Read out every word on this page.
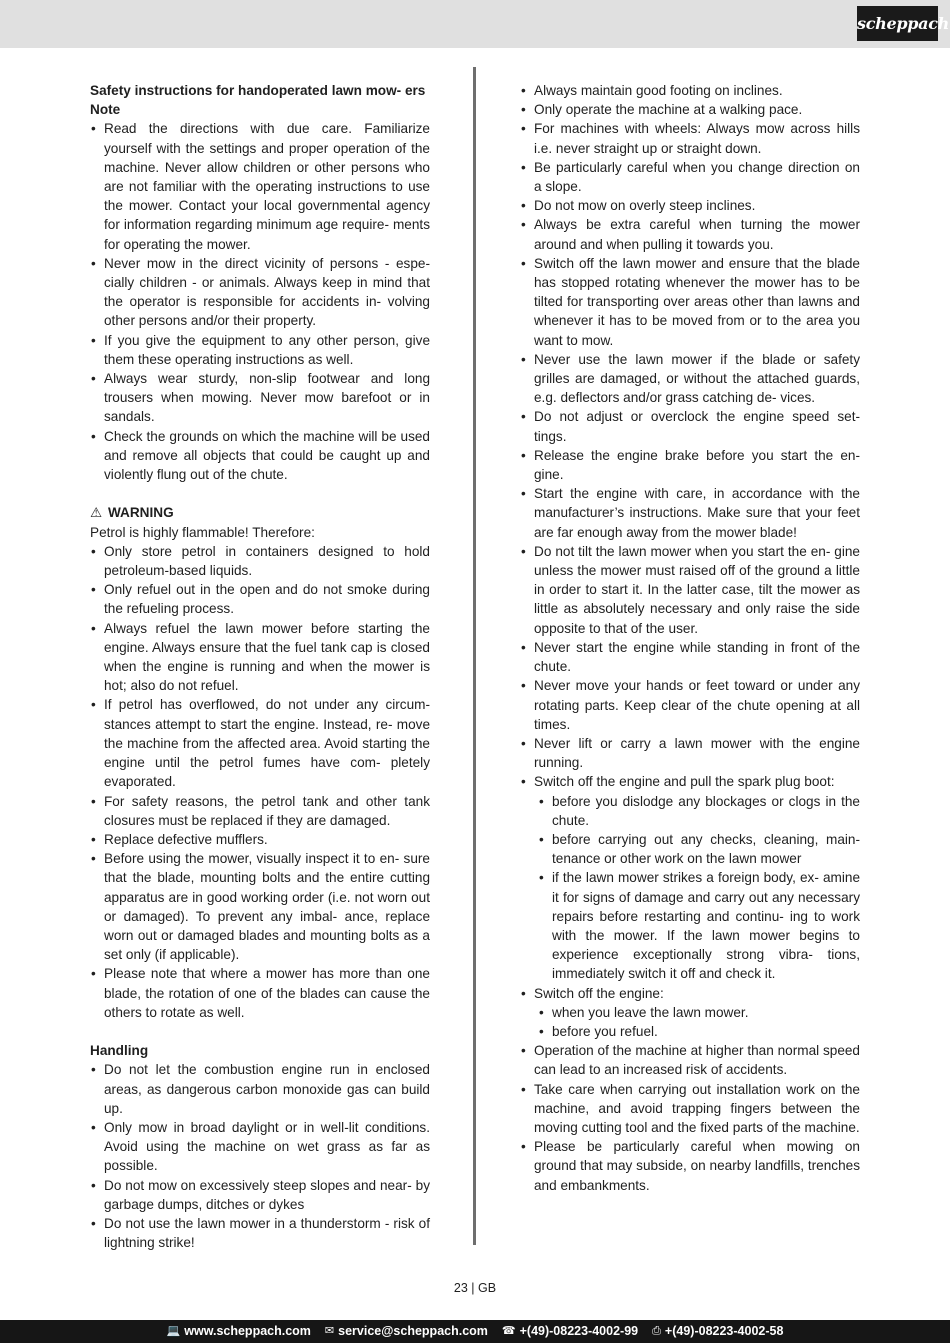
scheppach
Safety instructions for handoperated lawn mow- ers Note
• Read the directions with due care. Familiarize yourself with the settings and proper operation of the machine. Never allow children or other persons who are not familiar with the operating instructions to use the mower. Contact your local governmental agency for information regarding minimum age require- ments for operating the mower.
• Never mow in the direct vicinity of persons - espe- cially children - or animals. Always keep in mind that the operator is responsible for accidents in- volving other persons and/or their property.
• If you give the equipment to any other person, give them these operating instructions as well.
• Always wear sturdy, non-slip footwear and long trousers when mowing. Never mow barefoot or in sandals.
• Check the grounds on which the machine will be used and remove all objects that could be caught up and violently flung out of the chute.

⚠ WARNING

Petrol is highly flammable! Therefore:

• Only store petrol in containers designed to hold petroleum-based liquids.
• Only refuel out in the open and do not smoke during the refueling process.
• Always refuel the lawn mower before starting the engine. Always ensure that the fuel tank cap is closed when the engine is running and when the mower is hot; also do not refuel.
• If petrol has overflowed, do not under any circum- stances attempt to start the engine. Instead, re- move the machine from the affected area. Avoid starting the engine until the petrol fumes have com- pletely evaporated.
• For safety reasons, the petrol tank and other tank closures must be replaced if they are damaged.
• Replace defective mufflers.
• Before using the mower, visually inspect it to en- sure that the blade, mounting bolts and the entire cutting apparatus are in good working order (i.e. not worn out or damaged). To prevent any imbal- ance, replace worn out or damaged blades and mounting bolts as a set only (if applicable).
• Please note that where a mower has more than one blade, the rotation of one of the blades can cause the others to rotate as well.
Handling
• Do not let the combustion engine run in enclosed areas, as dangerous carbon monoxide gas can build up.
• Only mow in broad daylight or in well-lit conditions. Avoid using the machine on wet grass as far as possible.
• Do not mow on excessively steep slopes and near- by garbage dumps, ditches or dykes
• Do not use the lawn mower in a thunderstorm - risk of lightning strike!
• Always maintain good footing on inclines.
• Only operate the machine at a walking pace.
• For machines with wheels: Always mow across hills i.e. never straight up or straight down.
• Be particularly careful when you change direction on a slope.
• Do not mow on overly steep inclines.
• Always be extra careful when turning the mower around and when pulling it towards you.
• Switch off the lawn mower and ensure that the blade has stopped rotating whenever the mower has to be tilted for transporting over areas other than lawns and whenever it has to be moved from or to the area you want to mow.
• Never use the lawn mower if the blade or safety grilles are damaged, or without the attached guards, e.g. deflectors and/or grass catching de- vices.
• Do not adjust or overclock the engine speed set- tings.
• Release the engine brake before you start the en- gine.
• Start the engine with care, in accordance with the manufacturer’s instructions. Make sure that your feet are far enough away from the mower blade!
• Do not tilt the lawn mower when you start the en- gine unless the mower must raised off of the ground a little in order to start it. In the latter case, tilt the mower as little as absolutely necessary and only raise the side opposite to that of the user.
• Never start the engine while standing in front of the chute.
• Never move your hands or feet toward or under any rotating parts. Keep clear of the chute opening at all times.
• Never lift or carry a lawn mower with the engine running.
• Switch off the engine and pull the spark plug boot:
• before you dislodge any blockages or clogs in the chute.
• before carrying out any checks, cleaning, main- tenance or other work on the lawn mower
• if the lawn mower strikes a foreign body, ex- amine it for signs of damage and carry out any necessary repairs before restarting and continu- ing to work with the mower. If the lawn mower begins to experience exceptionally strong vibra- tions, immediately switch it off and check it.
• Switch off the engine:
• when you leave the lawn mower.
• before you refuel.
• Operation of the machine at higher than normal speed can lead to an increased risk of accidents.
• Take care when carrying out installation work on the machine, and avoid trapping fingers between the moving cutting tool and the fixed parts of the machine.
• Please be particularly careful when mowing on ground that may subside, on nearby landfills, trenches and embankments.
23 | GB
💻 www.scheppach.com ✉ service@scheppach.com ☎ +(49)-08223-4002-99 ⎙ +(49)-08223-4002-58
